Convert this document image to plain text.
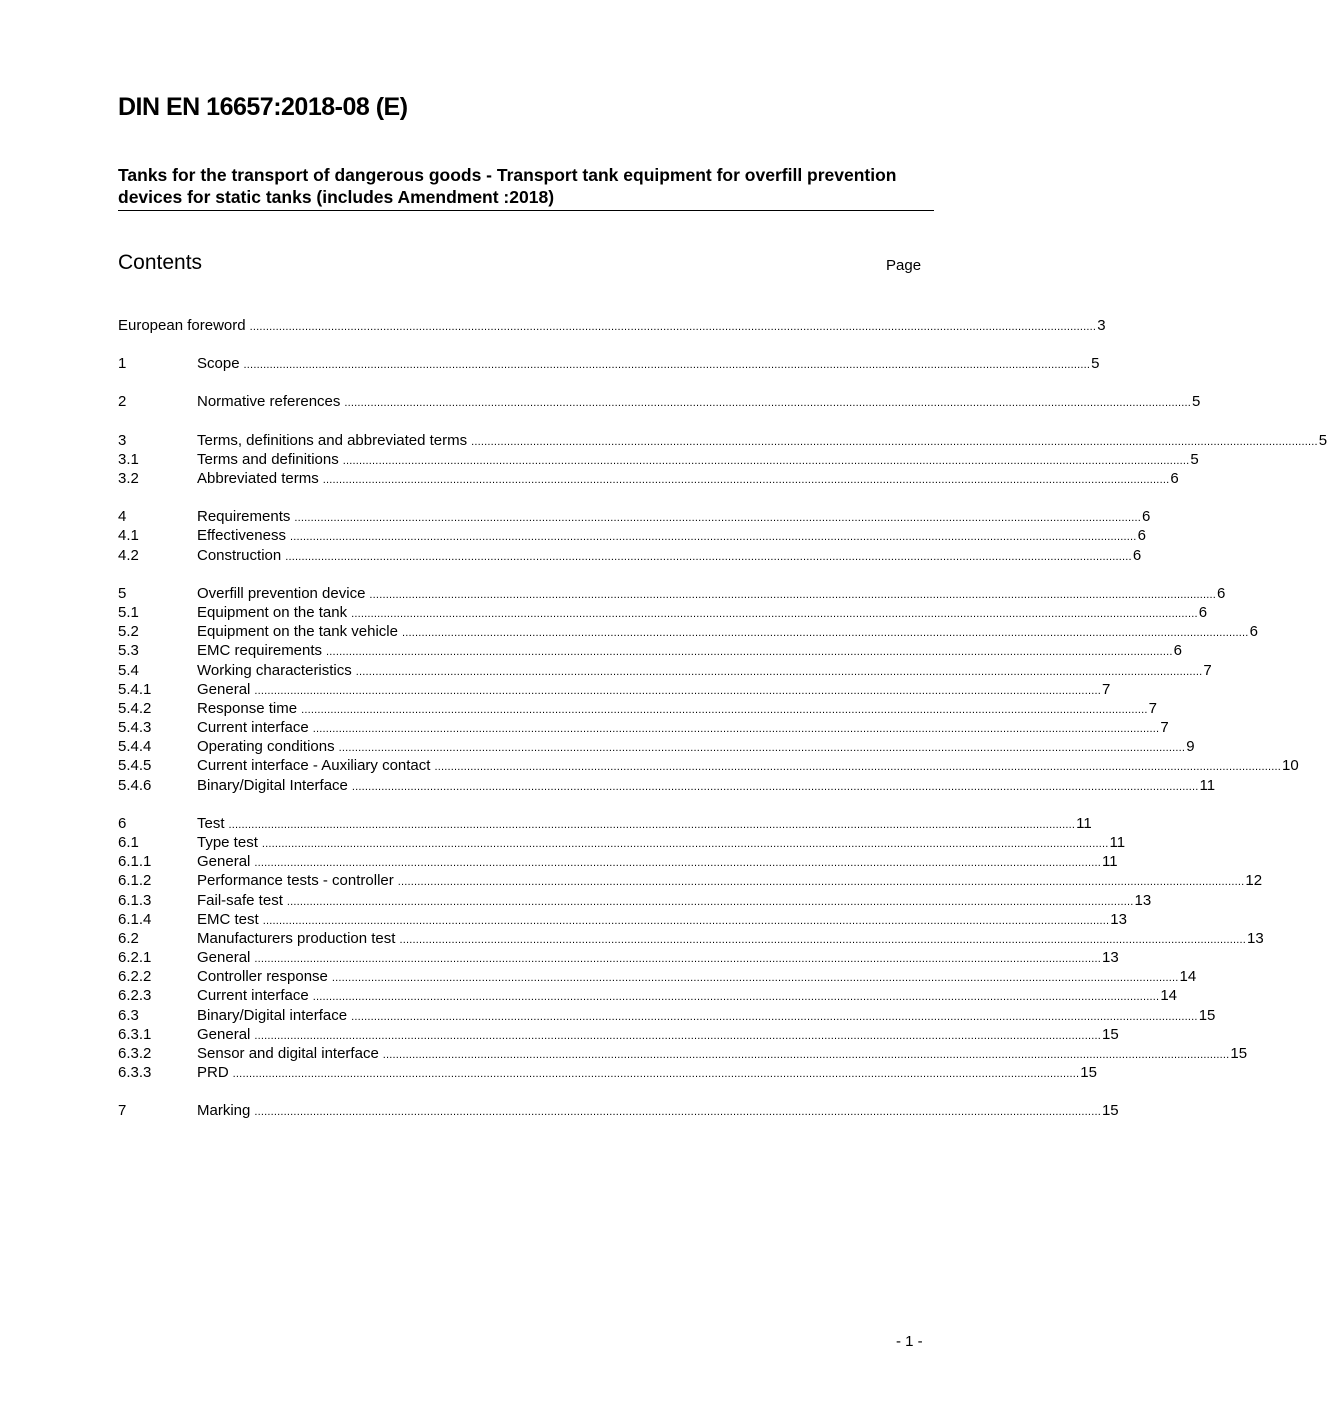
DIN EN 16657:2018-08 (E)
Tanks for the transport of dangerous goods - Transport tank equipment for overfill prevention devices for static tanks (includes Amendment :2018)
Contents	Page
European foreword .................................................................................................................................................................................................................................................................... 3
1	Scope .................................................................................................................................................................................................................................................................... 5
2	Normative references .................................................................................................................................................................................................................................................................... 5
3	Terms, definitions and abbreviated terms .................................................................................................................................................................................................................................................................... 5
3.1	Terms and definitions .................................................................................................................................................................................................................................................................... 5
3.2	Abbreviated terms .................................................................................................................................................................................................................................................................... 6
4	Requirements .................................................................................................................................................................................................................................................................... 6
4.1	Effectiveness .................................................................................................................................................................................................................................................................... 6
4.2	Construction .................................................................................................................................................................................................................................................................... 6
5	Overfill prevention device .................................................................................................................................................................................................................................................................... 6
5.1	Equipment on the tank .................................................................................................................................................................................................................................................................... 6
5.2	Equipment on the tank vehicle .................................................................................................................................................................................................................................................................... 6
5.3	EMC requirements .................................................................................................................................................................................................................................................................... 6
5.4	Working characteristics .................................................................................................................................................................................................................................................................... 7
5.4.1	General .................................................................................................................................................................................................................................................................... 7
5.4.2	Response time .................................................................................................................................................................................................................................................................... 7
5.4.3	Current interface .................................................................................................................................................................................................................................................................... 7
5.4.4	Operating conditions .................................................................................................................................................................................................................................................................... 9
5.4.5	Current interface - Auxiliary contact .................................................................................................................................................................................................................................................................... 10
5.4.6	Binary/Digital Interface .................................................................................................................................................................................................................................................................... 11
6	Test .................................................................................................................................................................................................................................................................... 11
6.1	Type test .................................................................................................................................................................................................................................................................... 11
6.1.1	General .................................................................................................................................................................................................................................................................... 11
6.1.2	Performance tests - controller .................................................................................................................................................................................................................................................................... 12
6.1.3	Fail-safe test .................................................................................................................................................................................................................................................................... 13
6.1.4	EMC test .................................................................................................................................................................................................................................................................... 13
6.2	Manufacturers production test .................................................................................................................................................................................................................................................................... 13
6.2.1	General .................................................................................................................................................................................................................................................................... 13
6.2.2	Controller response .................................................................................................................................................................................................................................................................... 14
6.2.3	Current interface .................................................................................................................................................................................................................................................................... 14
6.3	Binary/Digital interface .................................................................................................................................................................................................................................................................... 15
6.3.1	General .................................................................................................................................................................................................................................................................... 15
6.3.2	Sensor and digital interface .................................................................................................................................................................................................................................................................... 15
6.3.3	PRD .................................................................................................................................................................................................................................................................... 15
7	Marking .................................................................................................................................................................................................................................................................... 15
- 1 -
